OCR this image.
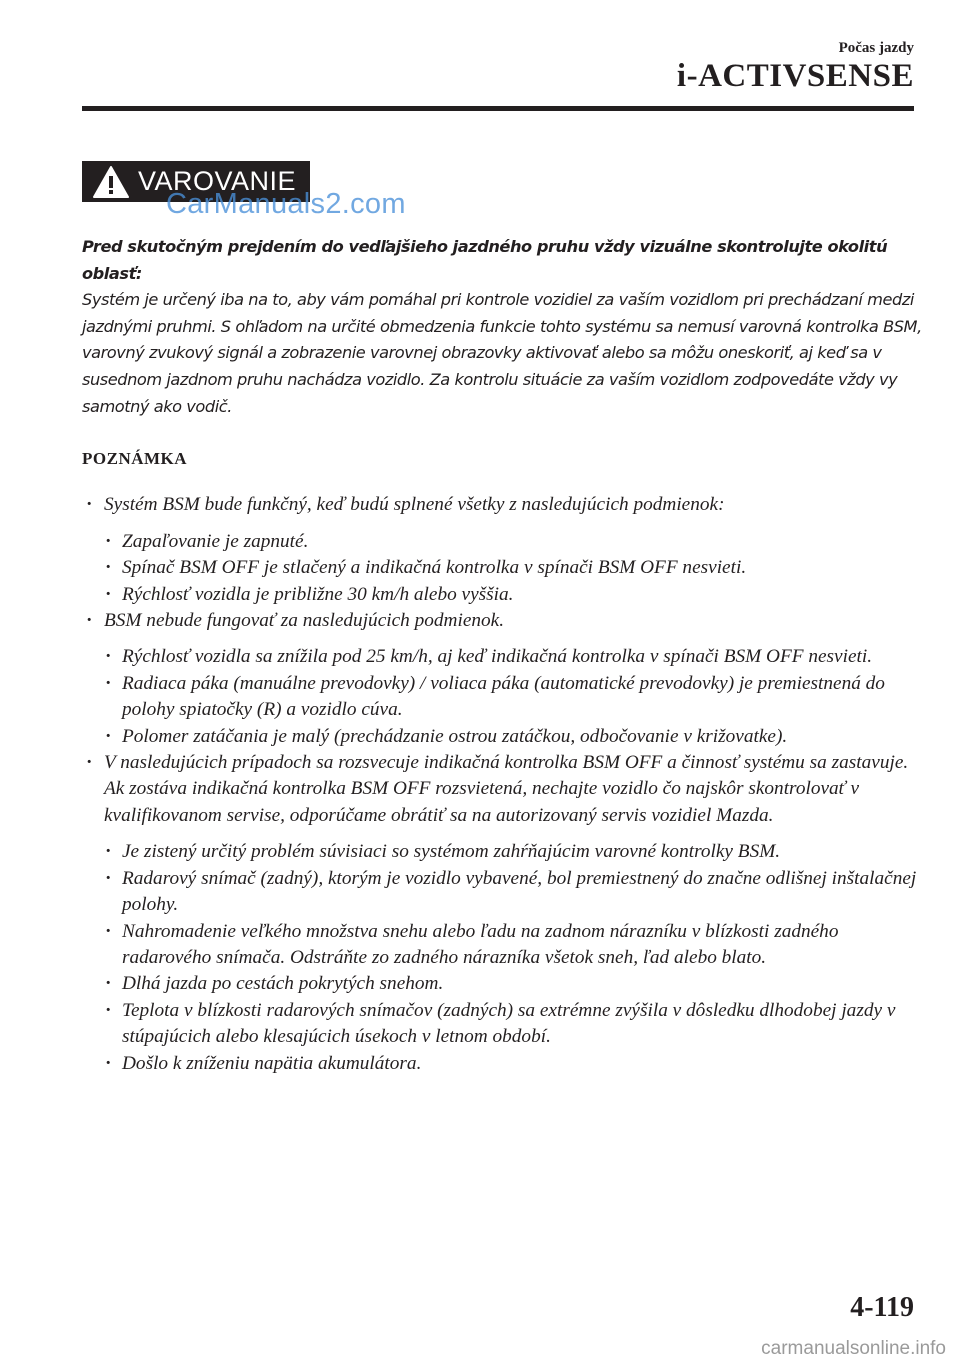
Počas jazdy
i-ACTIVSENSE
VAROVANIE
CarManuals2.com

Pred skutočným prejdením do vedľajšieho jazdného pruhu vždy vizuálne skontrolujte okolitú oblasť:

Systém je určený iba na to, aby vám pomáhal pri kontrole vozidiel za vaším vozidlom pri prechádzaní medzi jazdnými pruhmi. S ohľadom na určité obmedzenia funkcie tohto systému sa nemusí varovná kontrolka BSM, varovný zvukový signál a zobrazenie varovnej obrazovky aktivovať alebo sa môžu oneskoriť, aj keď sa v susednom jazdnom pruhu nachádza vozidlo. Za kontrolu situácie za vaším vozidlom zodpovedáte vždy vy samotný ako vodič.

POZNÁMKA
· Systém BSM bude funkčný, keď budú splnené všetky z nasledujúcich podmienok:
· Zapaľovanie je zapnuté.
· Spínač BSM OFF je stlačený a indikačná kontrolka v spínači BSM OFF nesvieti.
· Rýchlosť vozidla je približne 30 km/h alebo vyššia.
· BSM nebude fungovať za nasledujúcich podmienok.
· Rýchlosť vozidla sa znížila pod 25 km/h, aj keď indikačná kontrolka v spínači BSM OFF nesvieti.
· Radiaca páka (manuálne prevodovky) / voliaca páka (automatické prevodovky) je premiestnená do polohy spiatočky (R) a vozidlo cúva.
· Polomer zatáčania je malý (prechádzanie ostrou zatáčkou, odbočovanie v križovatke).
· V nasledujúcich prípadoch sa rozsvecuje indikačná kontrolka BSM OFF a činnosť systému sa zastavuje. Ak zostáva indikačná kontrolka BSM OFF rozsvietená, nechajte vozidlo čo najskôr skontrolovať v kvalifikovanom servise, odporúčame obrátiť sa na autorizovaný servis vozidiel Mazda.
· Je zistený určitý problém súvisiaci so systémom zahŕňajúcim varovné kontrolky BSM.
· Radarový snímač (zadný), ktorým je vozidlo vybavené, bol premiestnený do značne odlišnej inštalačnej polohy.
· Nahromadenie veľkého množstva snehu alebo ľadu na zadnom nárazníku v blízkosti zadného radarového snímača. Odstráňte zo zadného nárazníka všetok sneh, ľad alebo blato.
· Dlhá jazda po cestách pokrytých snehom.
· Teplota v blízkosti radarových snímačov (zadných) sa extrémne zvýšila v dôsledku dlhodobej jazdy v stúpajúcich alebo klesajúcich úsekoch v letnom období.
· Došlo k zníženiu napätia akumulátora.
4-119
carmanualsonline.info
